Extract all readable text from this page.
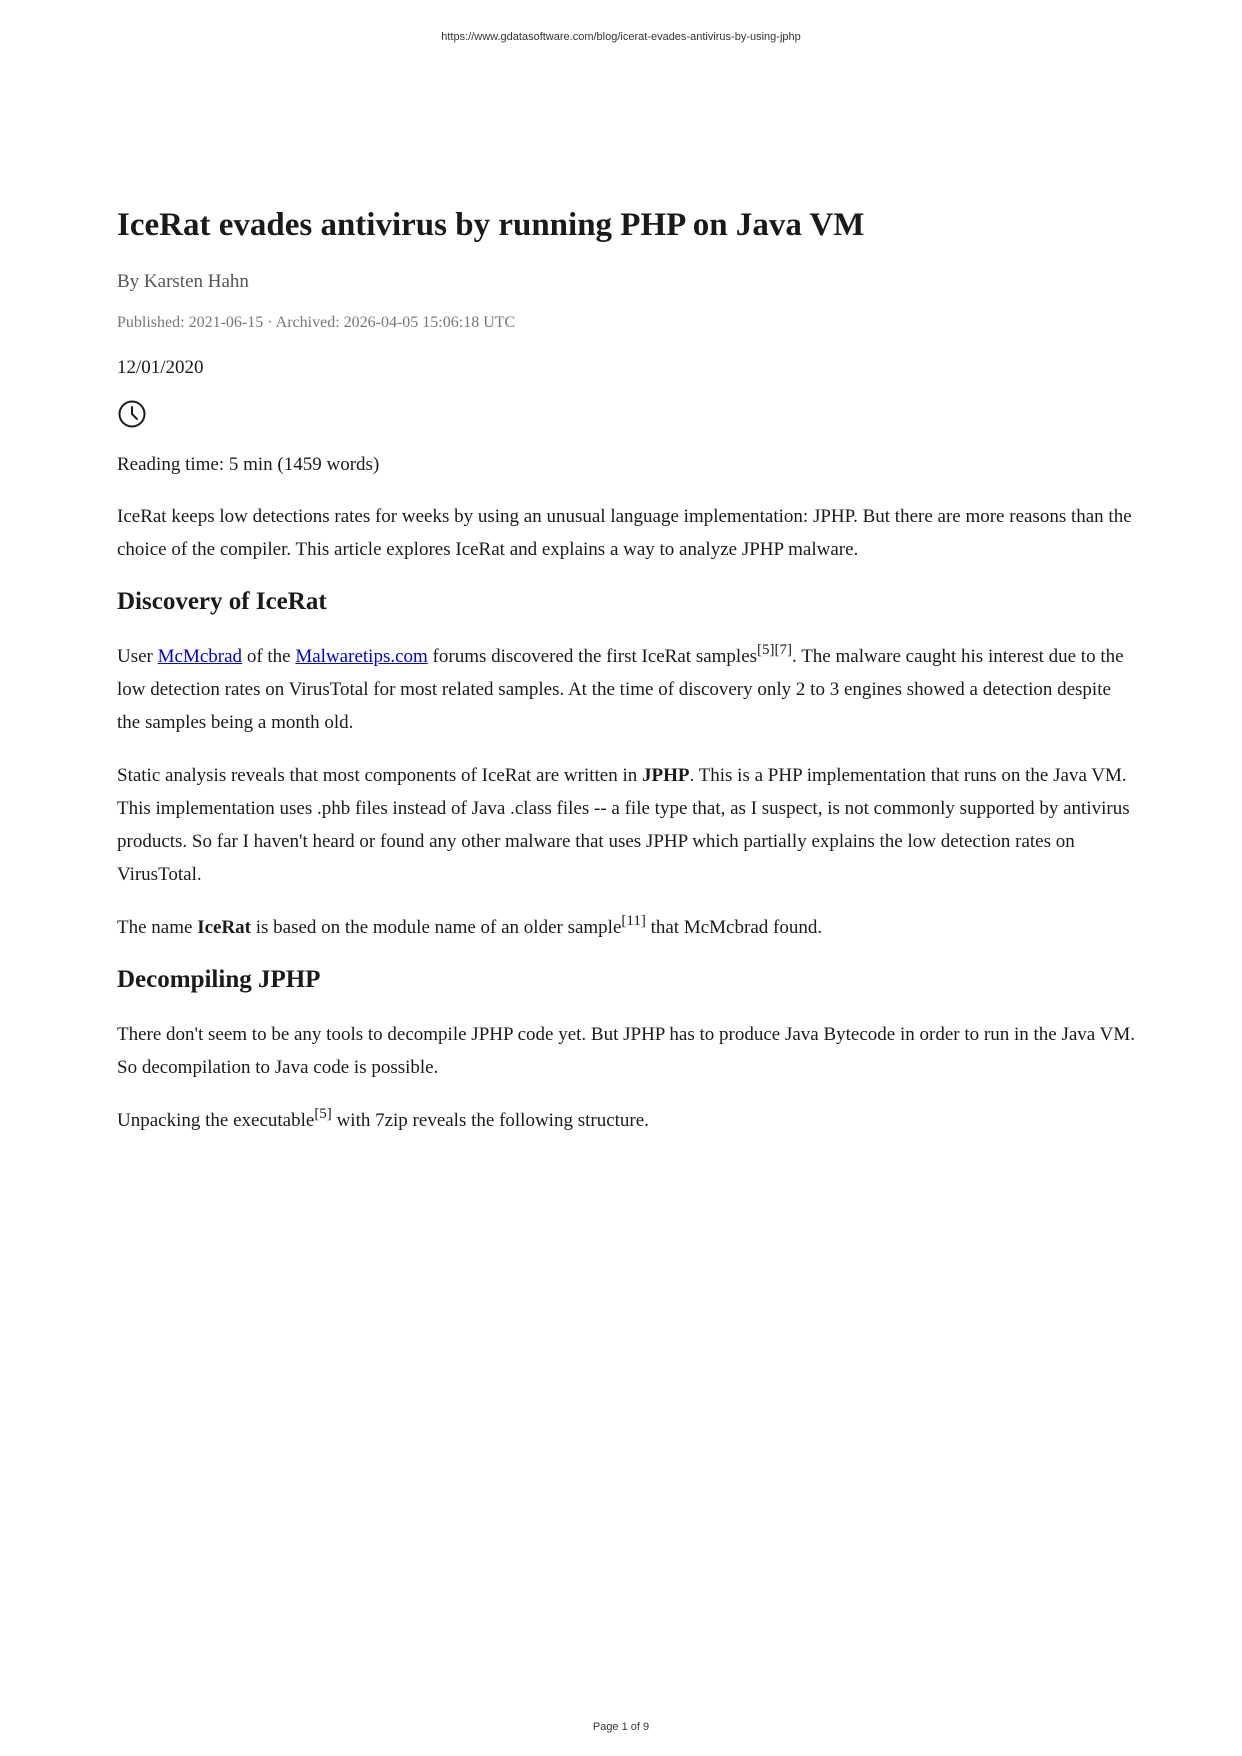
https://www.gdatasoftware.com/blog/icerat-evades-antivirus-by-using-jphp
IceRat evades antivirus by running PHP on Java VM
By Karsten Hahn
Published: 2021-06-15 · Archived: 2026-04-05 15:06:18 UTC
12/01/2020
Reading time: 5 min (1459 words)

IceRat keeps low detections rates for weeks by using an unusual language implementation: JPHP. But there are more reasons than the choice of the compiler. This article explores IceRat and explains a way to analyze JPHP malware.

Discovery of IceRat

User McMcbrad of the Malwaretips.com forums discovered the first IceRat samples[5][7]. The malware caught his interest due to the low detection rates on VirusTotal for most related samples. At the time of discovery only 2 to 3 engines showed a detection despite the samples being a month old.

Static analysis reveals that most components of IceRat are written in JPHP. This is a PHP implementation that runs on the Java VM. This implementation uses .phb files instead of Java .class files -- a file type that, as I suspect, is not commonly supported by antivirus products. So far I haven't heard or found any other malware that uses JPHP which partially explains the low detection rates on VirusTotal.

The name IceRat is based on the module name of an older sample[11] that McMcbrad found.

Decompiling JPHP

There don't seem to be any tools to decompile JPHP code yet. But JPHP has to produce Java Bytecode in order to run in the Java VM. So decompilation to Java code is possible.

Unpacking the executable[5] with 7zip reveals the following structure.

Page 1 of 9
